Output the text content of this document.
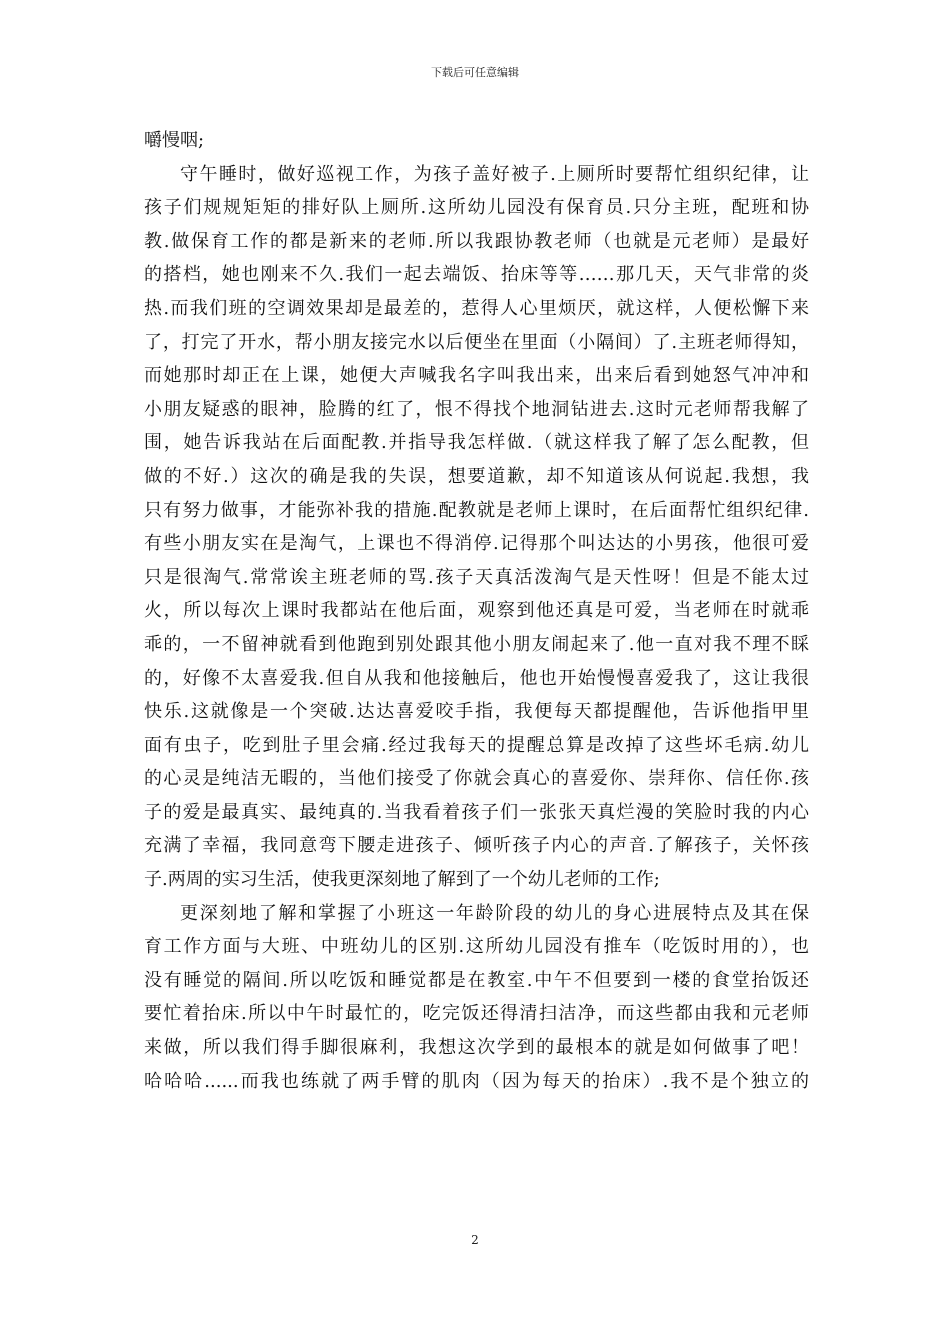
下载后可任意编辑
嚼慢咽;
守午睡时，做好巡视工作，为孩子盖好被子.上厕所时要帮忙组织纪律，让
孩子们规规矩矩的排好队上厕所.这所幼儿园没有保育员.只分主班，配班和协
教.做保育工作的都是新来的老师.所以我跟协教老师（也就是元老师）是最好
的搭档，她也刚来不久.我们一起去端饭、抬床等等……那几天，天气非常的炎
热.而我们班的空调效果却是最差的，惹得人心里烦厌，就这样，人便松懈下来
了，打完了开水，帮小朋友接完水以后便坐在里面（小隔间）了.主班老师得知，
而她那时却正在上课，她便大声喊我名字叫我出来，出来后看到她怒气冲冲和
小朋友疑惑的眼神，脸腾的红了，恨不得找个地洞钻进去.这时元老师帮我解了
围，她告诉我站在后面配教.并指导我怎样做.（就这样我了解了怎么配教，但
做的不好.）这次的确是我的失误，想要道歉，却不知道该从何说起.我想，我
只有努力做事，才能弥补我的措施.配教就是老师上课时，在后面帮忙组织纪律.
有些小朋友实在是淘气，上课也不得消停.记得那个叫达达的小男孩，他很可爱
只是很淘气.常常诶主班老师的骂.孩子天真活泼淘气是天性呀！但是不能太过
火，所以每次上课时我都站在他后面，观察到他还真是可爱，当老师在时就乖
乖的，一不留神就看到他跑到别处跟其他小朋友闹起来了.他一直对我不理不睬
的，好像不太喜爱我.但自从我和他接触后，他也开始慢慢喜爱我了，这让我很
快乐.这就像是一个突破.达达喜爱咬手指，我便每天都提醒他，告诉他指甲里
面有虫子，吃到肚子里会痛.经过我每天的提醒总算是改掉了这些坏毛病.幼儿
的心灵是纯洁无暇的，当他们接受了你就会真心的喜爱你、崇拜你、信任你.孩
子的爱是最真实、最纯真的.当我看着孩子们一张张天真烂漫的笑脸时我的内心
充满了幸福，我同意弯下腰走进孩子、倾听孩子内心的声音.了解孩子，关怀孩
子.两周的实习生活，使我更深刻地了解到了一个幼儿老师的工作;
更深刻地了解和掌握了小班这一年龄阶段的幼儿的身心进展特点及其在保
育工作方面与大班、中班幼儿的区别.这所幼儿园没有推车（吃饭时用的），也
没有睡觉的隔间.所以吃饭和睡觉都是在教室.中午不但要到一楼的食堂抬饭还
要忙着抬床.所以中午时最忙的，吃完饭还得清扫洁净，而这些都由我和元老师
来做，所以我们得手脚很麻利，我想这次学到的最根本的就是如何做事了吧！
哈哈哈......而我也练就了两手臂的肌肉（因为每天的抬床）.我不是个独立的
2
